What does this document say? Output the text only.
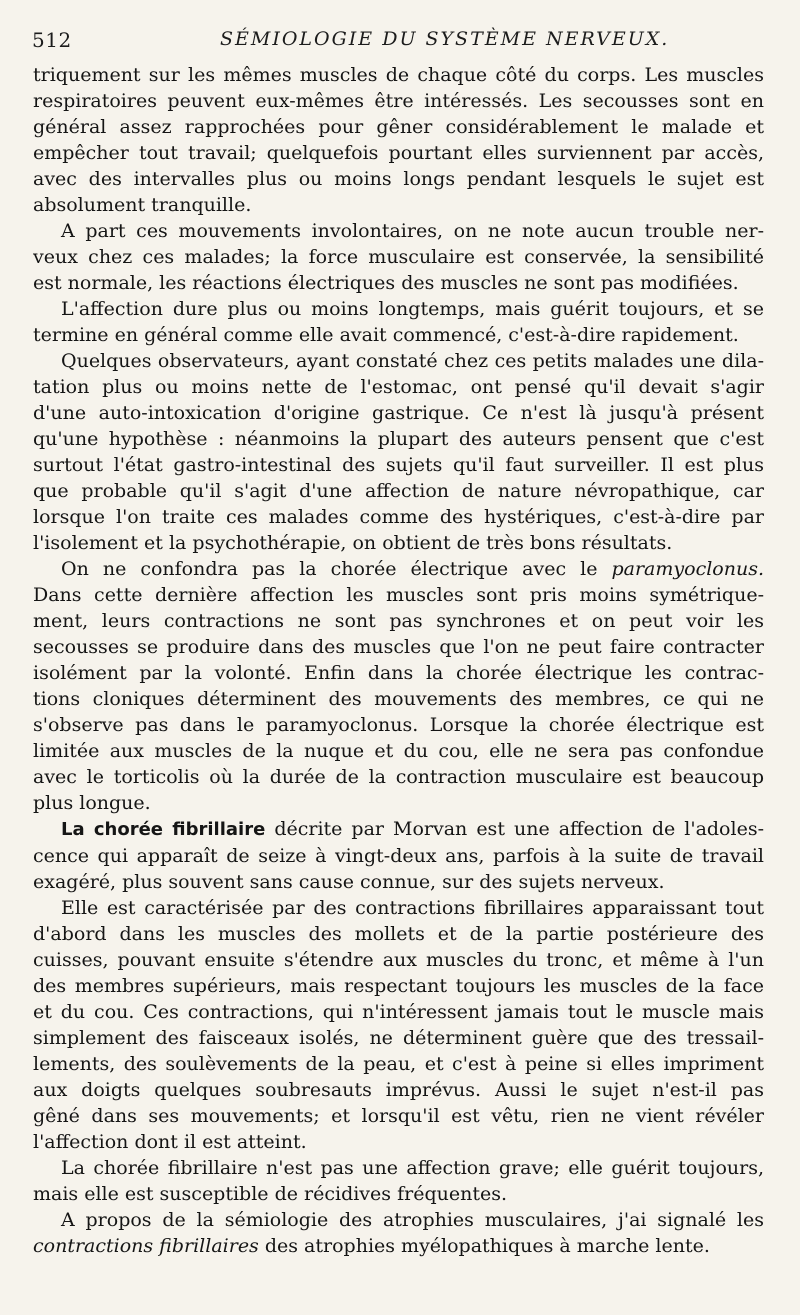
512	SÉMIOLOGIE DU SYSTÈME NERVEUX.
triquement sur les mêmes muscles de chaque côté du corps. Les muscles
respiratoires peuvent eux-mêmes être intéressés. Les secousses sont en
général assez rapprochées pour gêner considérablement le malade et
empêcher tout travail; quelquefois pourtant elles surviennent par accès,
avec des intervalles plus ou moins longs pendant lesquels le sujet est
absolument tranquille.
A part ces mouvements involontaires, on ne note aucun trouble ner-
veux chez ces malades; la force musculaire est conservée, la sensibilité
est normale, les réactions électriques des muscles ne sont pas modifiées.
L'affection dure plus ou moins longtemps, mais guérit toujours, et se
termine en général comme elle avait commencé, c'est-à-dire rapidement.
Quelques observateurs, ayant constaté chez ces petits malades une dila-
tation plus ou moins nette de l'estomac, ont pensé qu'il devait s'agir
d'une auto-intoxication d'origine gastrique. Ce n'est là jusqu'à présent
qu'une hypothèse : néanmoins la plupart des auteurs pensent que c'est
surtout l'état gastro-intestinal des sujets qu'il faut surveiller. Il est plus
que probable qu'il s'agit d'une affection de nature névropathique, car
lorsque l'on traite ces malades comme des hystériques, c'est-à-dire par
l'isolement et la psychothérapie, on obtient de très bons résultats.
On ne confondra pas la chorée électrique avec le paramyoclonus.
Dans cette dernière affection les muscles sont pris moins symétrique-
ment, leurs contractions ne sont pas synchrones et on peut voir les
secousses se produire dans des muscles que l'on ne peut faire contracter
isolément par la volonté. Enfin dans la chorée électrique les contrac-
tions cloniques déterminent des mouvements des membres, ce qui ne
s'observe pas dans le paramyoclonus. Lorsque la chorée électrique est
limitée aux muscles de la nuque et du cou, elle ne sera pas confondue
avec le torticolis où la durée de la contraction musculaire est beaucoup
plus longue.
La chorée fibrillaire décrite par Morvan est une affection de l'adoles-
cence qui apparaît de seize à vingt-deux ans, parfois à la suite de travail
exagéré, plus souvent sans cause connue, sur des sujets nerveux.
Elle est caractérisée par des contractions fibrillaires apparaissant tout
d'abord dans les muscles des mollets et de la partie postérieure des
cuisses, pouvant ensuite s'étendre aux muscles du tronc, et même à l'un
des membres supérieurs, mais respectant toujours les muscles de la face
et du cou. Ces contractions, qui n'intéressent jamais tout le muscle mais
simplement des faisceaux isolés, ne déterminent guère que des tressail-
lements, des soulèvements de la peau, et c'est à peine si elles impriment
aux doigts quelques soubresauts imprévus. Aussi le sujet n'est-il pas
gêné dans ses mouvements; et lorsqu'il est vêtu, rien ne vient révéler
l'affection dont il est atteint.
La chorée fibrillaire n'est pas une affection grave; elle guérit toujours,
mais elle est susceptible de récidives fréquentes.
A propos de la sémiologie des atrophies musculaires, j'ai signalé les
contractions fibrillaires des atrophies myélopathiques à marche lente.
